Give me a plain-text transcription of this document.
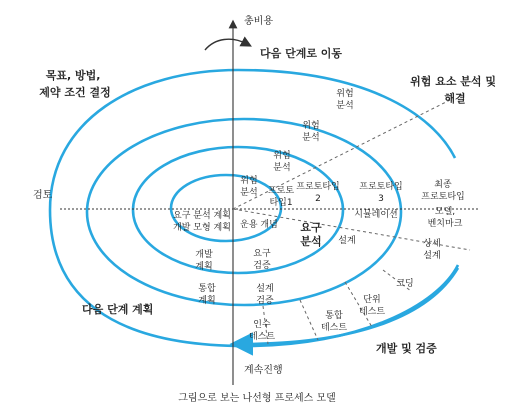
총비용
계속진행
검토
다음 단계로 이동
목표, 방법, 제약 조건 결정
위험 요소 분석 및 해결
다음 단계 계획
개발 및 검증
위험 분석
위험 분석
위험 분석
위험 분석 프로토 타입1
프로토타입 2
프로토타입 3
최종 프로토타입
요구 분석 계획 개발 모형 계획 운용 개념 요구 분석
시뮬레이션	모델, 벤치마크
개발 계획
요구 검증
설계	상세 설계
통합 계획
설계 검증
코딩
단위 테스트
통합 테스트
인수 테스트
그림으로 보는 나선형 프로세스 모델
